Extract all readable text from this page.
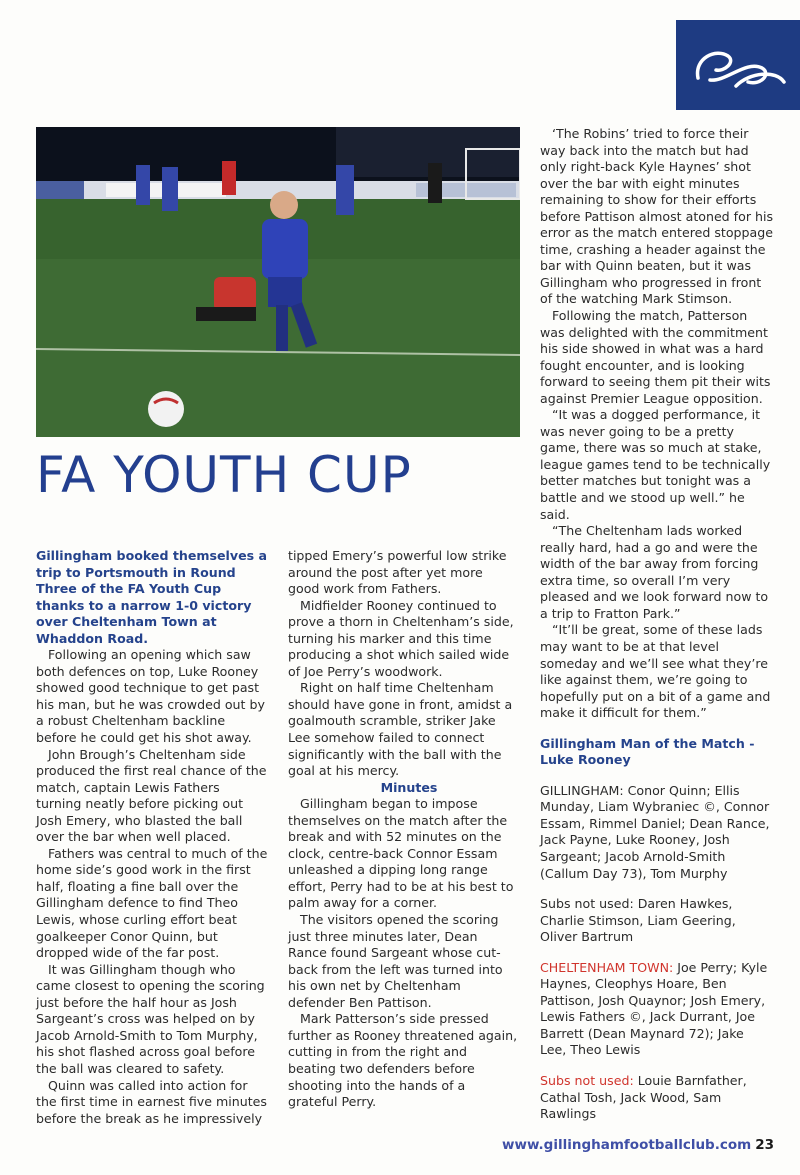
FA YOUTH CUP

Gillingham booked themselves a trip to Portsmouth in Round Three of the FA Youth Cup thanks to a narrow 1-0 victory over Cheltenham Town at Whaddon Road.

Following an opening which saw both defences on top, Luke Rooney showed good technique to get past his man, but he was crowded out by a robust Cheltenham backline before he could get his shot away.

John Brough’s Cheltenham side produced the first real chance of the match, captain Lewis Fathers turning neatly before picking out Josh Emery, who blasted the ball over the bar when well placed.

Fathers was central to much of the home side’s good work in the first half, floating a fine ball over the Gillingham defence to find Theo Lewis, whose curling effort beat goalkeeper Conor Quinn, but dropped wide of the far post.

It was Gillingham though who came closest to opening the scoring just before the half hour as Josh Sargeant’s cross was helped on by Jacob Arnold-Smith to Tom Murphy, his shot flashed across goal before the ball was cleared to safety.

Quinn was called into action for the first time in earnest five minutes before the break as he impressively

tipped Emery’s powerful low strike around the post after yet more good work from Fathers.

Midfielder Rooney continued to prove a thorn in Cheltenham’s side, turning his marker and this time producing a shot which sailed wide of Joe Perry’s woodwork.

Right on half time Cheltenham should have gone in front, amidst a goalmouth scramble, striker Jake Lee somehow failed to connect significantly with the ball with the goal at his mercy.

Minutes

Gillingham began to impose themselves on the match after the break and with 52 minutes on the clock, centre-back Connor Essam unleashed a dipping long range effort, Perry had to be at his best to palm away for a corner.

The visitors opened the scoring just three minutes later, Dean Rance found Sargeant whose cut-back from the left was turned into his own net by Cheltenham defender Ben Pattison.

Mark Patterson’s side pressed further as Rooney threatened again, cutting in from the right and beating two defenders before shooting into the hands of a grateful Perry.

‘The Robins’ tried to force their way back into the match but had only right-back Kyle Haynes’ shot over the bar with eight minutes remaining to show for their efforts before Pattison almost atoned for his error as the match entered stoppage time, crashing a header against the bar with Quinn beaten, but it was Gillingham who progressed in front of the watching Mark Stimson.

Following the match, Patterson was delighted with the commitment his side showed in what was a hard fought encounter, and is looking forward to seeing them pit their wits against Premier League opposition.

“It was a dogged performance, it was never going to be a pretty game, there was so much at stake, league games tend to be technically better matches but tonight was a battle and we stood up well.” he said.

“The Cheltenham lads worked really hard, had a go and were the width of the bar away from forcing extra time, so overall I’m very pleased and we look forward now to a trip to Fratton Park.”

“It’ll be great, some of these lads may want to be at that level someday and we’ll see what they’re like against them, we’re going to hopefully put on a bit of a game and make it difficult for them.”

Gillingham Man of the Match - Luke Rooney

GILLINGHAM: Conor Quinn; Ellis Munday, Liam Wybraniec ©, Connor Essam, Rimmel Daniel; Dean Rance, Jack Payne, Luke Rooney, Josh Sargeant; Jacob Arnold-Smith (Callum Day 73), Tom Murphy

Subs not used: Daren Hawkes, Charlie Stimson, Liam Geering, Oliver Bartrum

CHELTENHAM TOWN: Joe Perry; Kyle Haynes, Cleophys Hoare, Ben Pattison, Josh Quaynor; Josh Emery, Lewis Fathers ©, Jack Durrant, Joe Barrett (Dean Maynard 72); Jake Lee, Theo Lewis

Subs not used: Louie Barnfather, Cathal Tosh, Jack Wood, Sam Rawlings

www.gillinghamfootballclub.com 23
